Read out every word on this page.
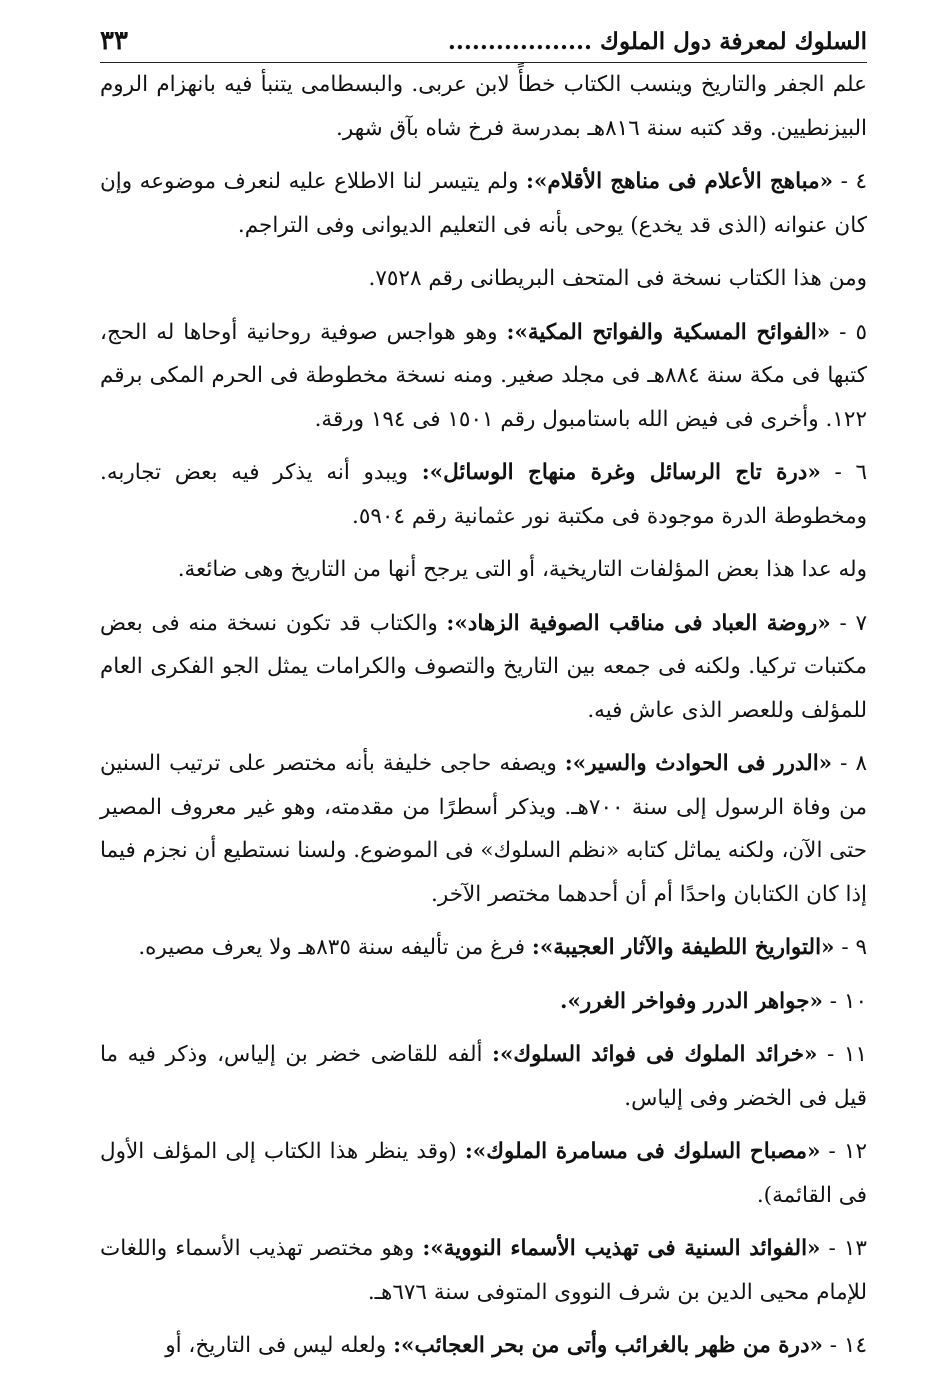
السلوك لمعرفة دول الملوك ..................
٣٣

علم الجفر والتاريخ وينسب الكتاب خطأً لابن عربى. والبسطامى يتنبأ فيه بانهزام الروم البيزنطيين. وقد كتبه سنة ٨١٦هـ بمدرسة فرخ شاه بآق شهر.

٤ - «مباهج الأعلام فى مناهج الأقلام»: ولم يتيسر لنا الاطلاع عليه لنعرف موضوعه وإن كان عنوانه (الذى قد يخدع) يوحى بأنه فى التعليم الديوانى وفى التراجم.

ومن هذا الكتاب نسخة فى المتحف البريطانى رقم ٧٥٢٨.

٥ - «الفوائح المسكية والفواتح المكية»: وهو هواجس صوفية روحانية أوحاها له الحج، كتبها فى مكة سنة ٨٨٤هـ فى مجلد صغير. ومنه نسخة مخطوطة فى الحرم المكى برقم ١٢٢. وأخرى فى فيض الله باستامبول رقم ١٥٠١ فى ١٩٤ ورقة.

٦ - «درة تاج الرسائل وغرة منهاج الوسائل»: ويبدو أنه يذكر فيه بعض تجاربه. ومخطوطة الدرة موجودة فى مكتبة نور عثمانية رقم ٥٩٠٤.

وله عدا هذا بعض المؤلفات التاريخية، أو التى يرجح أنها من التاريخ وهى ضائعة.

٧ - «روضة العباد فى مناقب الصوفية الزهاد»: والكتاب قد تكون نسخة منه فى بعض مكتبات تركيا. ولكنه فى جمعه بين التاريخ والتصوف والكرامات يمثل الجو الفكرى العام للمؤلف وللعصر الذى عاش فيه.

٨ - «الدرر فى الحوادث والسير»: ويصفه حاجى خليفة بأنه مختصر على ترتيب السنين من وفاة الرسول إلى سنة ٧٠٠هـ. ويذكر أسطرًا من مقدمته، وهو غير معروف المصير حتى الآن، ولكنه يماثل كتابه «نظم السلوك» فى الموضوع. ولسنا نستطيع أن نجزم فيما إذا كان الكتابان واحدًا أم أن أحدهما مختصر الآخر.

٩ - «التواريخ اللطيفة والآثار العجيبة»: فرغ من تأليفه سنة ٨٣٥هـ ولا يعرف مصيره.

١٠ - «جواهر الدرر وفواخر الغرر».

١١ - «خرائد الملوك فى فوائد السلوك»: ألفه للقاضى خضر بن إلياس، وذكر فيه ما قيل فى الخضر وفى إلياس.

١٢ - «مصباح السلوك فى مسامرة الملوك»: (وقد ينظر هذا الكتاب إلى المؤلف الأول فى القائمة).

١٣ - «الفوائد السنية فى تهذيب الأسماء النووية»: وهو مختصر تهذيب الأسماء واللغات للإمام محيى الدين بن شرف النووى المتوفى سنة ٦٧٦هـ.

١٤ - «درة من ظهر بالغرائب وأتى من بحر العجائب»: ولعله ليس فى التاريخ، أو
